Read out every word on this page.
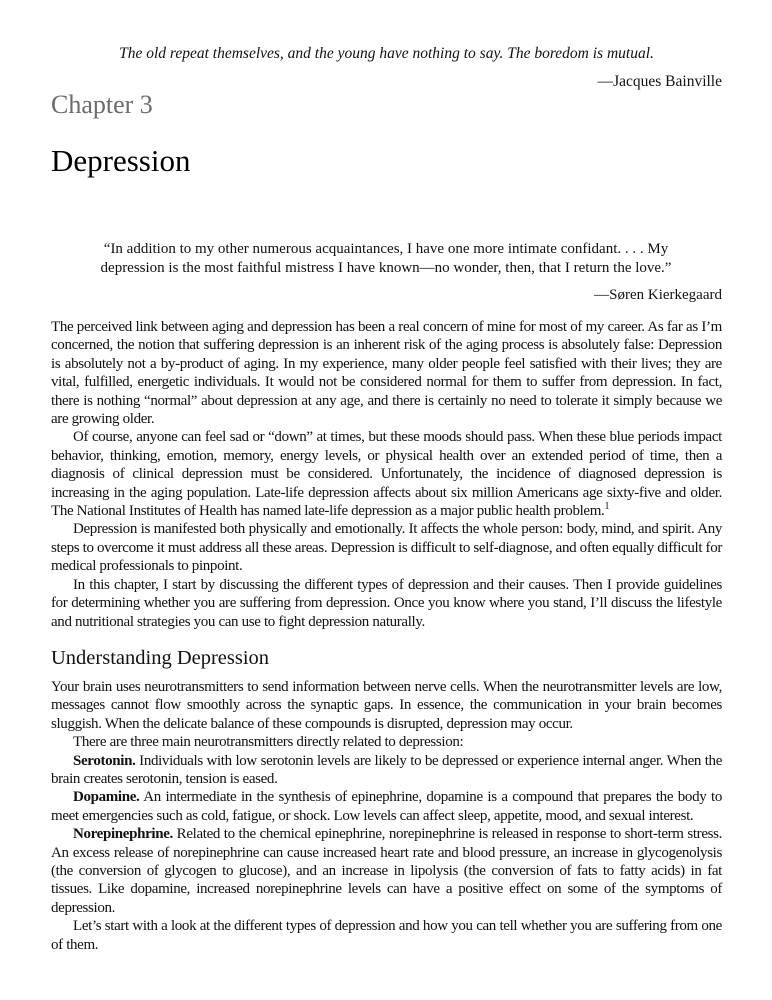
The old repeat themselves, and the young have nothing to say. The boredom is mutual.
—Jacques Bainville
Chapter 3
Depression
“In addition to my other numerous acquaintances, I have one more intimate confidant. . . . My depression is the most faithful mistress I have known—no wonder, then, that I return the love.”
—Søren Kierkegaard

The perceived link between aging and depression has been a real concern of mine for most of my career. As far as I’m concerned, the notion that suffering depression is an inherent risk of the aging process is absolutely false: Depression is absolutely not a by-product of aging. In my experience, many older people feel satisfied with their lives; they are vital, fulfilled, energetic individuals. It would not be considered normal for them to suffer from depression. In fact, there is nothing “normal” about depression at any age, and there is certainly no need to tolerate it simply because we are growing older.

Of course, anyone can feel sad or “down” at times, but these moods should pass. When these blue periods impact behavior, thinking, emotion, memory, energy levels, or physical health over an extended period of time, then a diagnosis of clinical depression must be considered. Unfortunately, the incidence of diagnosed depression is increasing in the aging population. Late-life depression affects about six million Americans age sixty-five and older. The National Institutes of Health has named late-life depression as a major public health problem.$^1$

Depression is manifested both physically and emotionally. It affects the whole person: body, mind, and spirit. Any steps to overcome it must address all these areas. Depression is difficult to self-diagnose, and often equally difficult for medical professionals to pinpoint.

In this chapter, I start by discussing the different types of depression and their causes. Then I provide guidelines for determining whether you are suffering from depression. Once you know where you stand, I’ll discuss the lifestyle and nutritional strategies you can use to fight depression naturally.

Understanding Depression

Your brain uses neurotransmitters to send information between nerve cells. When the neurotransmitter levels are low, messages cannot flow smoothly across the synaptic gaps. In essence, the communication in your brain becomes sluggish. When the delicate balance of these compounds is disrupted, depression may occur.

There are three main neurotransmitters directly related to depression:

Serotonin. Individuals with low serotonin levels are likely to be depressed or experience internal anger. When the brain creates serotonin, tension is eased.

Dopamine. An intermediate in the synthesis of epinephrine, dopamine is a compound that prepares the body to meet emergencies such as cold, fatigue, or shock. Low levels can affect sleep, appetite, mood, and sexual interest.

Norepinephrine. Related to the chemical epinephrine, norepinephrine is released in response to short-term stress. An excess release of norepinephrine can cause increased heart rate and blood pressure, an increase in glycogenolysis (the conversion of glycogen to glucose), and an increase in lipolysis (the conversion of fats to fatty acids) in fat tissues. Like dopamine, increased norepinephrine levels can have a positive effect on some of the symptoms of depression.

Let’s start with a look at the different types of depression and how you can tell whether you are suffering from one of them.
